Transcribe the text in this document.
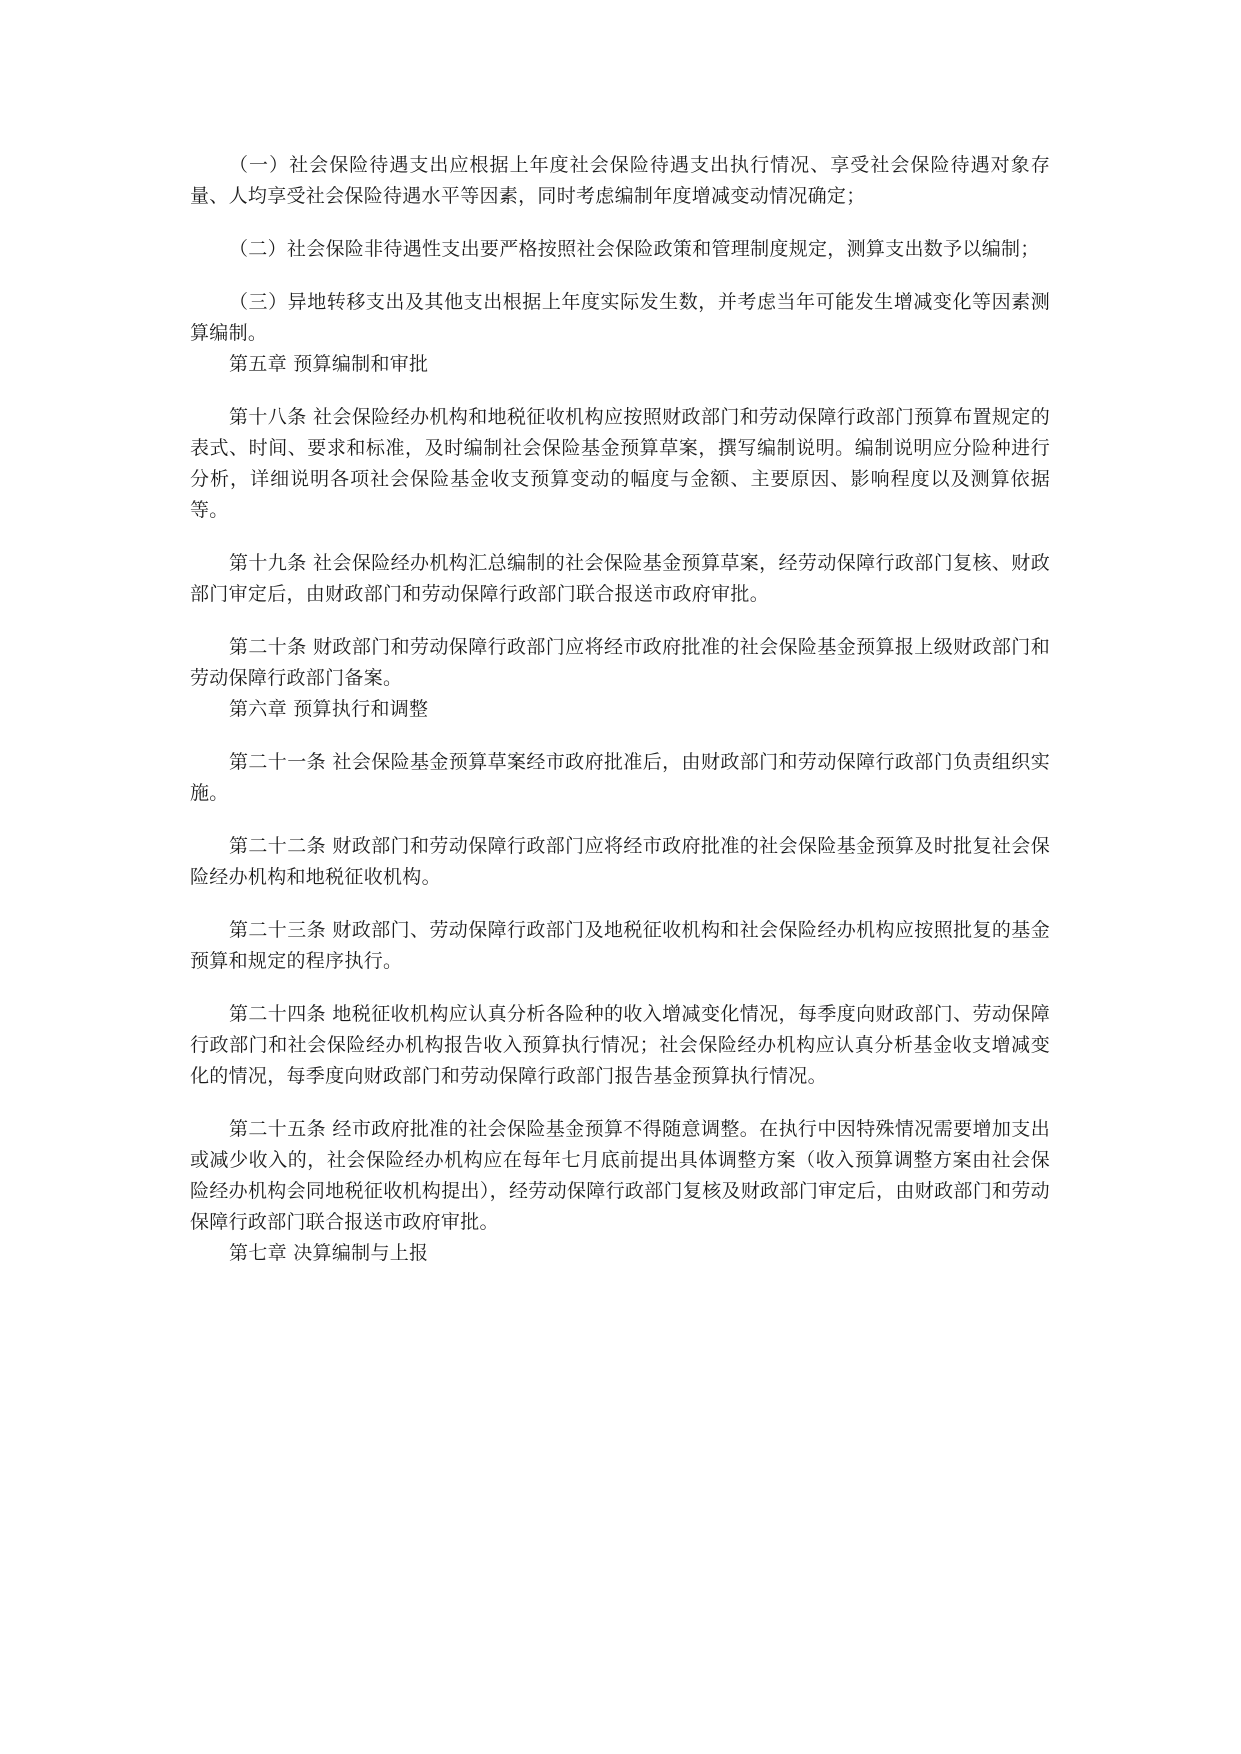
（一）社会保险待遇支出应根据上年度社会保险待遇支出执行情况、享受社会保险待遇对象存量、人均享受社会保险待遇水平等因素，同时考虑编制年度增减变动情况确定；

（二）社会保险非待遇性支出要严格按照社会保险政策和管理制度规定，测算支出数予以编制；

（三）异地转移支出及其他支出根据上年度实际发生数，并考虑当年可能发生增减变化等因素测算编制。

第五章 预算编制和审批

第十八条 社会保险经办机构和地税征收机构应按照财政部门和劳动保障行政部门预算布置规定的表式、时间、要求和标准，及时编制社会保险基金预算草案，撰写编制说明。编制说明应分险种进行分析，详细说明各项社会保险基金收支预算变动的幅度与金额、主要原因、影响程度以及测算依据等。

第十九条 社会保险经办机构汇总编制的社会保险基金预算草案，经劳动保障行政部门复核、财政部门审定后，由财政部门和劳动保障行政部门联合报送市政府审批。

第二十条 财政部门和劳动保障行政部门应将经市政府批准的社会保险基金预算报上级财政部门和劳动保障行政部门备案。

第六章 预算执行和调整

第二十一条 社会保险基金预算草案经市政府批准后，由财政部门和劳动保障行政部门负责组织实施。

第二十二条 财政部门和劳动保障行政部门应将经市政府批准的社会保险基金预算及时批复社会保险经办机构和地税征收机构。

第二十三条 财政部门、劳动保障行政部门及地税征收机构和社会保险经办机构应按照批复的基金预算和规定的程序执行。

第二十四条 地税征收机构应认真分析各险种的收入增减变化情况，每季度向财政部门、劳动保障行政部门和社会保险经办机构报告收入预算执行情况；社会保险经办机构应认真分析基金收支增减变化的情况，每季度向财政部门和劳动保障行政部门报告基金预算执行情况。

第二十五条 经市政府批准的社会保险基金预算不得随意调整。在执行中因特殊情况需要增加支出或减少收入的，社会保险经办机构应在每年七月底前提出具体调整方案（收入预算调整方案由社会保险经办机构会同地税征收机构提出），经劳动保障行政部门复核及财政部门审定后，由财政部门和劳动保障行政部门联合报送市政府审批。

第七章 决算编制与上报
